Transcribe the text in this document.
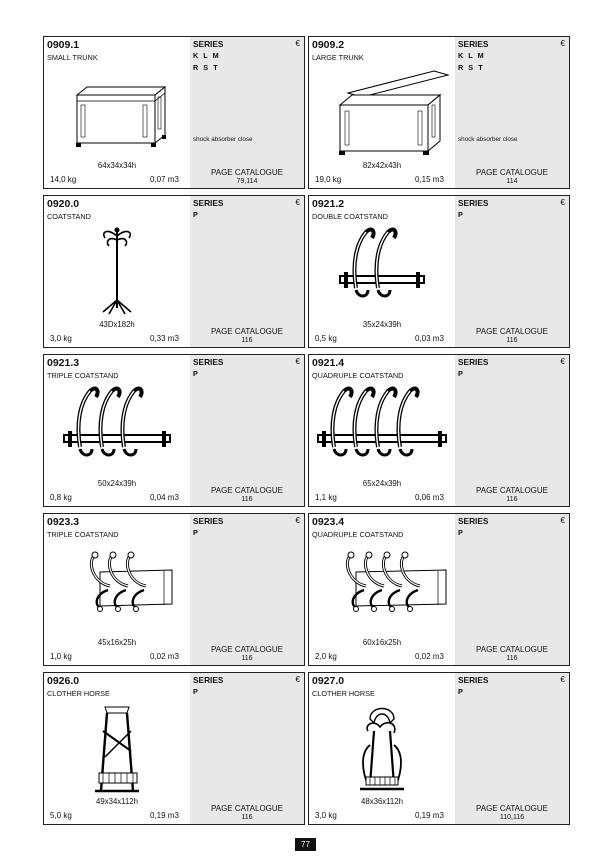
0909.1
SMALL TRUNK
64x34x34h
14,0 kg	0,07 m3
SERIES	€
K L M
R S T
shock absorber close
PAGE CATALOGUE
79,114
0909.2
LARGE TRUNK
82x42x43h
19,0 kg	0,15 m3
SERIES	€
K L M
R S T
shock absorber close
PAGE CATALOGUE
114
0920.0
COATSTAND
43Dx182h
3,0 kg	0,33 m3
SERIES	€
P
PAGE CATALOGUE
116
0921.2
DOUBLE COATSTAND
35x24x39h
0,5 kg	0,03 m3
SERIES	€
P
PAGE CATALOGUE
116
0921.3
TRIPLE COATSTAND
50x24x39h
0,8 kg	0,04 m3
SERIES	€
P
PAGE CATALOGUE
116
0921.4
QUADRUPLE COATSTAND
65x24x39h
1,1 kg	0,06 m3
SERIES	€
P
PAGE CATALOGUE
116
0923.3
TRIPLE COATSTAND
45x16x25h
1,0 kg	0,02 m3
SERIES	€
P
PAGE CATALOGUE
116
0923.4
QUADRUPLE COATSTAND
60x16x25h
2,0 kg	0,02 m3
SERIES	€
P
PAGE CATALOGUE
116
0926.0
CLOTHER HORSE
49x34x112h
5,0 kg	0,19 m3
SERIES	€
P
PAGE CATALOGUE
116
0927.0
CLOTHER HORSE
48x36x112h
3,0 kg	0,19 m3
SERIES	€
P
PAGE CATALOGUE
110,116
77
